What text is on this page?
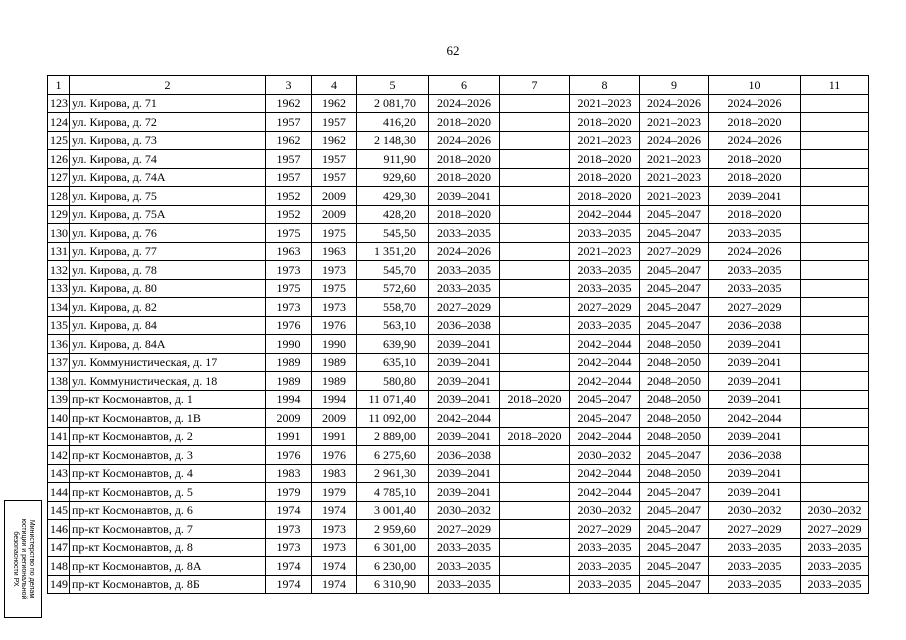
62
1	2	3	4	5	6	7	8	9	10	11
123	ул. Кирова, д. 71	1962	1962	2 081,70	2024–2026		2021–2023	2024–2026	2024–2026	
124	ул. Кирова, д. 72	1957	1957	416,20	2018–2020		2018–2020	2021–2023	2018–2020	
125	ул. Кирова, д. 73	1962	1962	2 148,30	2024–2026		2021–2023	2024–2026	2024–2026	
126	ул. Кирова, д. 74	1957	1957	911,90	2018–2020		2018–2020	2021–2023	2018–2020	
127	ул. Кирова, д. 74А	1957	1957	929,60	2018–2020		2018–2020	2021–2023	2018–2020	
128	ул. Кирова, д. 75	1952	2009	429,30	2039–2041		2018–2020	2021–2023	2039–2041	
129	ул. Кирова, д. 75А	1952	2009	428,20	2018–2020		2042–2044	2045–2047	2018–2020	
130	ул. Кирова, д. 76	1975	1975	545,50	2033–2035		2033–2035	2045–2047	2033–2035	
131	ул. Кирова, д. 77	1963	1963	1 351,20	2024–2026		2021–2023	2027–2029	2024–2026	
132	ул. Кирова, д. 78	1973	1973	545,70	2033–2035		2033–2035	2045–2047	2033–2035	
133	ул. Кирова, д. 80	1975	1975	572,60	2033–2035		2033–2035	2045–2047	2033–2035	
134	ул. Кирова, д. 82	1973	1973	558,70	2027–2029		2027–2029	2045–2047	2027–2029	
135	ул. Кирова, д. 84	1976	1976	563,10	2036–2038		2033–2035	2045–2047	2036–2038	
136	ул. Кирова, д. 84А	1990	1990	639,90	2039–2041		2042–2044	2048–2050	2039–2041	
137	ул. Коммунистическая, д. 17	1989	1989	635,10	2039–2041		2042–2044	2048–2050	2039–2041	
138	ул. Коммунистическая, д. 18	1989	1989	580,80	2039–2041		2042–2044	2048–2050	2039–2041	
139	пр-кт Космонавтов, д. 1	1994	1994	11 071,40	2039–2041	2018–2020	2045–2047	2048–2050	2039–2041	
140	пр-кт Космонавтов, д. 1В	2009	2009	11 092,00	2042–2044		2045–2047	2048–2050	2042–2044	
141	пр-кт Космонавтов, д. 2	1991	1991	2 889,00	2039–2041	2018–2020	2042–2044	2048–2050	2039–2041	
142	пр-кт Космонавтов, д. 3	1976	1976	6 275,60	2036–2038		2030–2032	2045–2047	2036–2038	
143	пр-кт Космонавтов, д. 4	1983	1983	2 961,30	2039–2041		2042–2044	2048–2050	2039–2041	
144	пр-кт Космонавтов, д. 5	1979	1979	4 785,10	2039–2041		2042–2044	2045–2047	2039–2041	
145	пр-кт Космонавтов, д. 6	1974	1974	3 001,40	2030–2032		2030–2032	2045–2047	2030–2032	2030–2032
146	пр-кт Космонавтов, д. 7	1973	1973	2 959,60	2027–2029		2027–2029	2045–2047	2027–2029	2027–2029
147	пр-кт Космонавтов, д. 8	1973	1973	6 301,00	2033–2035		2033–2035	2045–2047	2033–2035	2033–2035
148	пр-кт Космонавтов, д. 8А	1974	1974	6 230,00	2033–2035		2033–2035	2045–2047	2033–2035	2033–2035
149	пр-кт Космонавтов, д. 8Б	1974	1974	6 310,90	2033–2035		2033–2035	2045–2047	2033–2035	2033–2035
Министерство по делам
юстиции и региональной
безопасности РХ
